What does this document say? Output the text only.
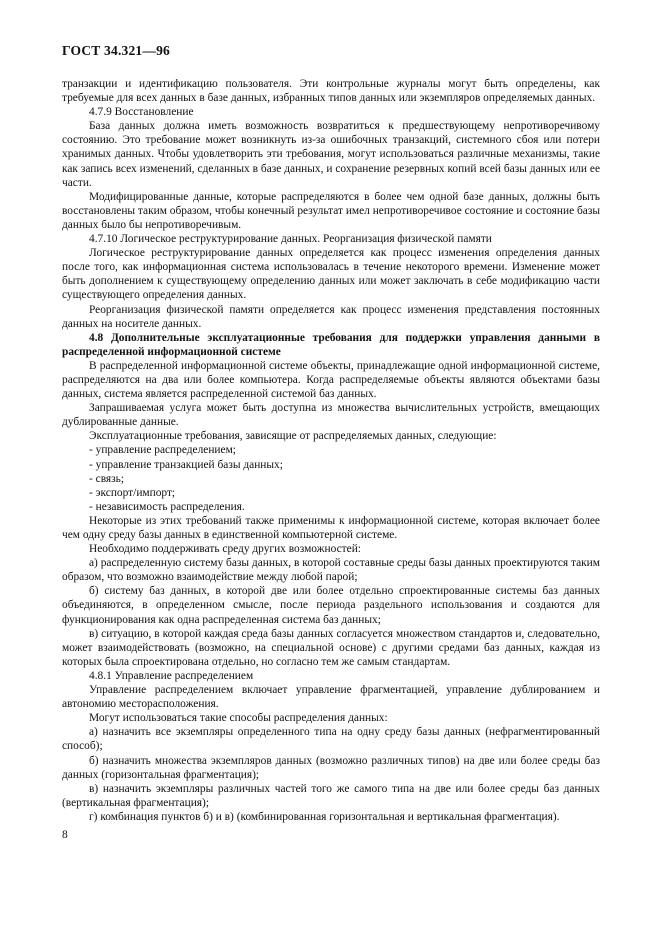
ГОСТ 34.321—96

транзакции и идентификацию пользователя. Эти контрольные журналы могут быть определены, как требуемые для всех данных в базе данных, избранных типов данных или экземпляров определяемых данных.

4.7.9 Восстановление

База данных должна иметь возможность возвратиться к предшествующему непротиворечивому состоянию. Это требование может возникнуть из-за ошибочных транзакций, системного сбоя или потери хранимых данных. Чтобы удовлетворить эти требования, могут использоваться различные механизмы, такие как запись всех изменений, сделанных в базе данных, и сохранение резервных копий всей базы данных или ее части.

Модифицированные данные, которые распределяются в более чем одной базе данных, должны быть восстановлены таким образом, чтобы конечный результат имел непротиворечивое состояние и состояние базы данных было бы непротиворечивым.

4.7.10 Логическое реструктурирование данных. Реорганизация физической памяти

Логическое реструктурирование данных определяется как процесс изменения определения данных после того, как информационная система использовалась в течение некоторого времени. Изменение может быть дополнением к существующему определению данных или может заключать в себе модификацию части существующего определения данных.

Реорганизация физической памяти определяется как процесс изменения представления постоянных данных на носителе данных.

4.8 Дополнительные эксплуатационные требования для поддержки управления данными в распределенной информационной системе

В распределенной информационной системе объекты, принадлежащие одной информационной системе, распределяются на два или более компьютера. Когда распределяемые объекты являются объектами базы данных, система является распределенной системой баз данных.

Запрашиваемая услуга может быть доступна из множества вычислительных устройств, вмещающих дублированные данные.

Эксплуатационные требования, зависящие от распределяемых данных, следующие:

- управление распределением;

- управление транзакцией базы данных;

- связь;

- экспорт/импорт;

- независимость распределения.

Некоторые из этих требований также применимы к информационной системе, которая включает более чем одну среду базы данных в единственной компьютерной системе.

Необходимо поддерживать среду других возможностей:

а) распределенную систему базы данных, в которой составные среды базы данных проектируются таким образом, что возможно взаимодействие между любой парой;

б) систему баз данных, в которой две или более отдельно спроектированные системы баз данных объединяются, в определенном смысле, после периода раздельного использования и создаются для функционирования как одна распределенная система баз данных;

в) ситуацию, в которой каждая среда базы данных согласуется множеством стандартов и, следовательно, может взаимодействовать (возможно, на специальной основе) с другими средами баз данных, каждая из которых была спроектирована отдельно, но согласно тем же самым стандартам.

4.8.1 Управление распределением

Управление распределением включает управление фрагментацией, управление дублированием и автономию месторасположения.

Могут использоваться такие способы распределения данных:

а) назначить все экземпляры определенного типа на одну среду базы данных (нефрагментированный способ);

б) назначить множества экземпляров данных (возможно различных типов) на две или более среды баз данных (горизонтальная фрагментация);

в) назначить экземпляры различных частей того же самого типа на две или более среды баз данных (вертикальная фрагментация);

г) комбинация пунктов б) и в) (комбинированная горизонтальная и вертикальная фрагментация).

8
